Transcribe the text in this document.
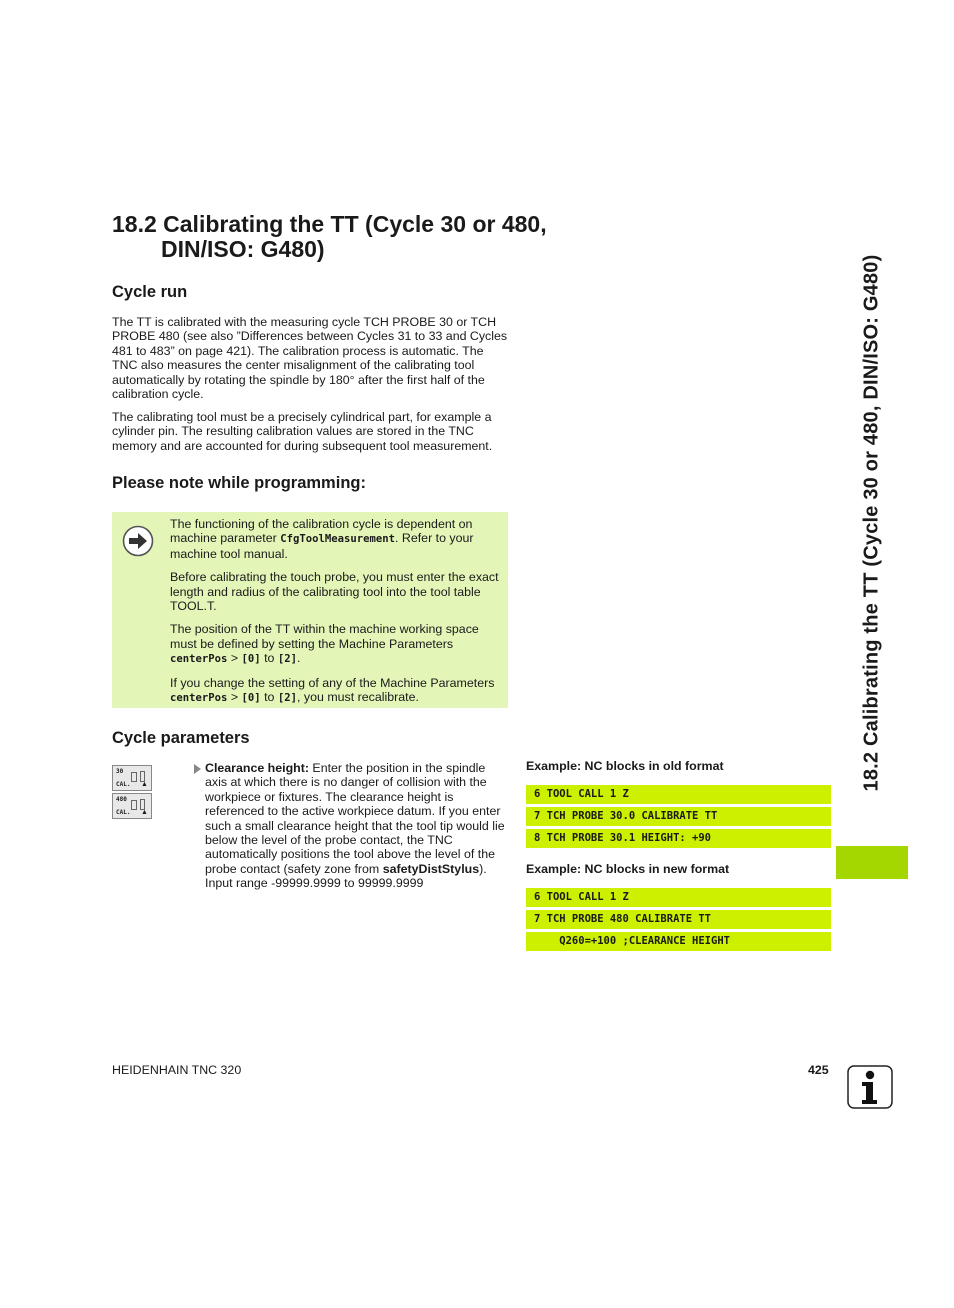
18.2 Calibrating the TT (Cycle 30 or 480,
DIN/ISO: G480)
Cycle run

The TT is calibrated with the measuring cycle TCH PROBE 30 or TCH PROBE 480 (see also ”Differences between Cycles 31 to 33 and Cycles 481 to 483” on page 421). The calibration process is automatic. The TNC also measures the center misalignment of the calibrating tool automatically by rotating the spindle by 180° after the first half of the calibration cycle.

The calibrating tool must be a precisely cylindrical part, for example a cylinder pin. The resulting calibration values are stored in the TNC memory and are accounted for during subsequent tool measurement.

Please note while programming:

The functioning of the calibration cycle is dependent on machine parameter CfgToolMeasurement. Refer to your machine tool manual.

Before calibrating the touch probe, you must enter the exact length and radius of the calibrating tool into the tool table TOOL.T.

The position of the TT within the machine working space must be defined by setting the Machine Parameters centerPos > [0] to [2].

If you change the setting of any of the Machine Parameters centerPos > [0] to [2], you must recalibrate.

Cycle parameters
30
▲
CAL.
480
▲
CAL.

Clearance height: Enter the position in the spindle axis at which there is no danger of collision with the workpiece or fixtures. The clearance height is referenced to the active workpiece datum. If you enter such a small clearance height that the tool tip would lie below the level of the probe contact, the TNC automatically positions the tool above the level of the probe contact (safety zone from safetyDistStylus). Input range -99999.9999 to 99999.9999

Example: NC blocks in old format
6 TOOL CALL 1 Z
7 TCH PROBE 30.0 CALIBRATE TT
8 TCH PROBE 30.1 HEIGHT: +90
Example: NC blocks in new format
6 TOOL CALL 1 Z
7 TCH PROBE 480 CALIBRATE TT
Q260=+100 ;CLEARANCE HEIGHT
18.2 Calibrating the TT (Cycle 30 or 480, DIN/ISO: G480)
HEIDENHAIN TNC 320	425
